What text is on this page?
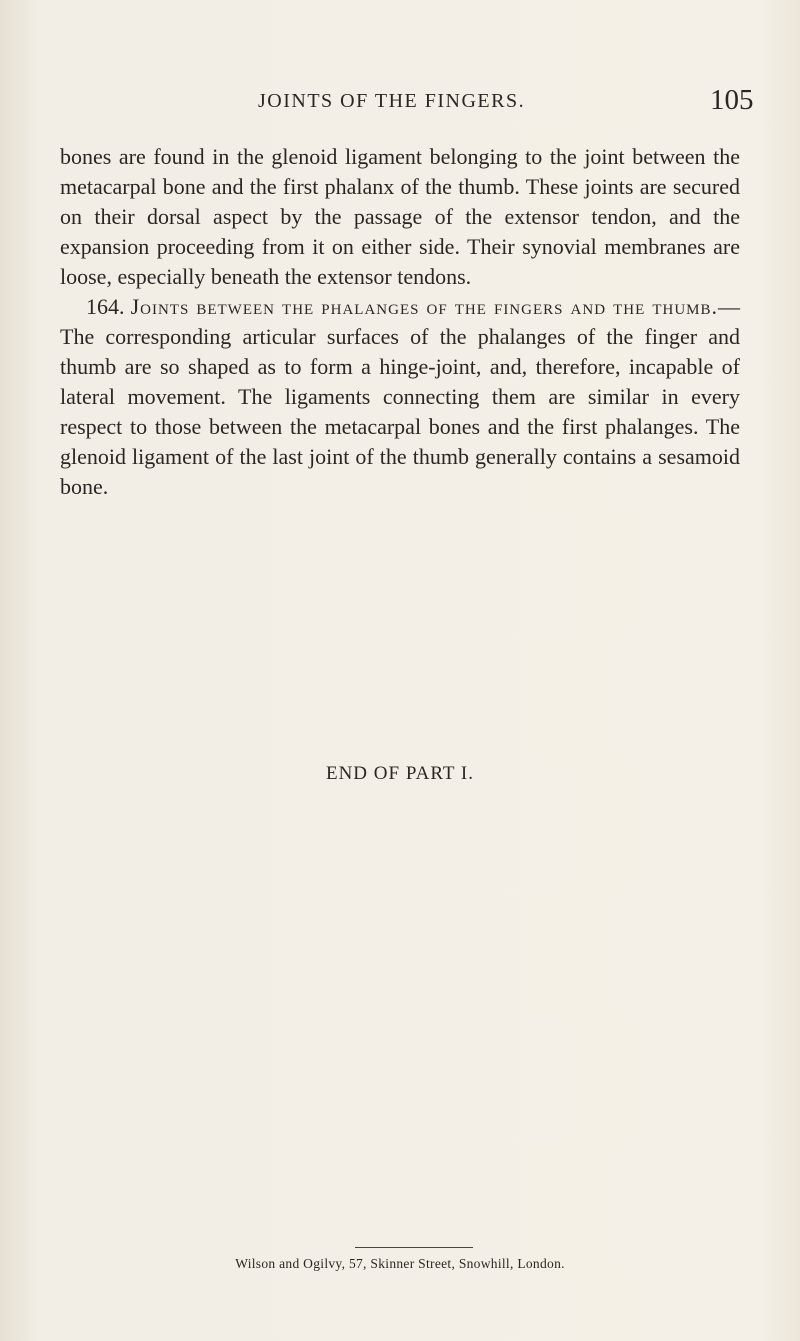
JOINTS OF THE FINGERS.	105

bones are found in the glenoid ligament belonging to the joint between the metacarpal bone and the first phalanx of the thumb. These joints are secured on their dorsal aspect by the passage of the extensor tendon, and the expansion proceeding from it on either side. Their synovial membranes are loose, especially beneath the extensor tendons.

164. Joints between the phalanges of the fingers and the thumb.—The corresponding articular surfaces of the phalanges of the finger and thumb are so shaped as to form a hinge-joint, and, therefore, incapable of lateral movement. The ligaments connecting them are similar in every respect to those between the metacarpal bones and the first phalanges. The glenoid ligament of the last joint of the thumb generally contains a sesamoid bone.

END OF PART I.
Wilson and Ogilvy, 57, Skinner Street, Snowhill, London.
